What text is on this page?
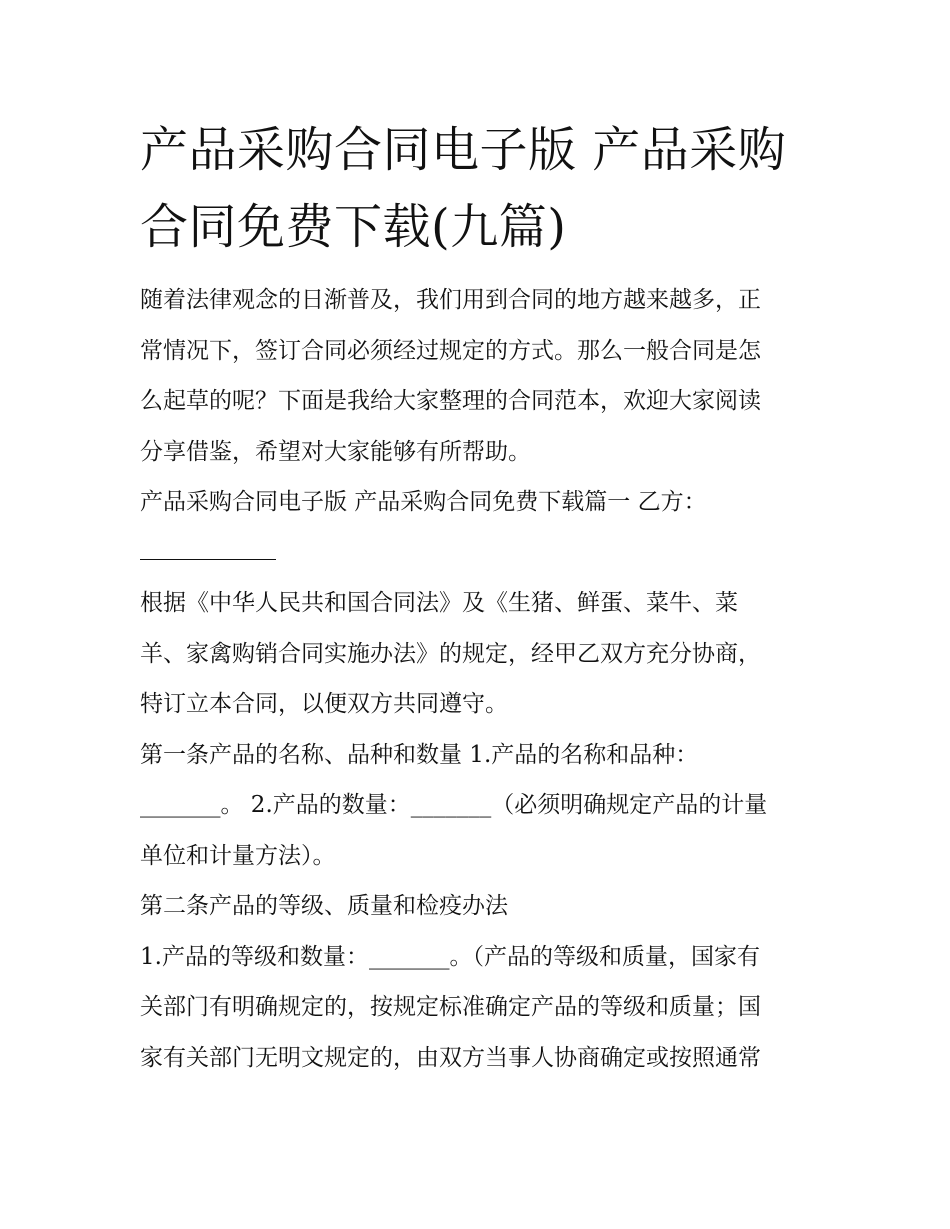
产品采购合同电子版 产品采购
合同免费下载(九篇)
随着法律观念的日渐普及，我们用到合同的地方越来越多，正
常情况下，签订合同必须经过规定的方式。那么一般合同是怎
么起草的呢？下面是我给大家整理的合同范本，欢迎大家阅读
分享借鉴，希望对大家能够有所帮助。
产品采购合同电子版 产品采购合同免费下载篇一 乙方：
根据《中华人民共和国合同法》及《生猪、鲜蛋、菜牛、菜
羊、家禽购销合同实施办法》的规定，经甲乙双方充分协商，
特订立本合同，以便双方共同遵守。
第一条产品的名称、品种和数量 1.产品的名称和品种：
_______。 2.产品的数量：_______（必须明确规定产品的计量
单位和计量方法）。
第二条产品的等级、质量和检疫办法
1.产品的等级和数量：_______。（产品的等级和质量，国家有
关部门有明确规定的，按规定标准确定产品的等级和质量；国
家有关部门无明文规定的，由双方当事人协商确定或按照通常
